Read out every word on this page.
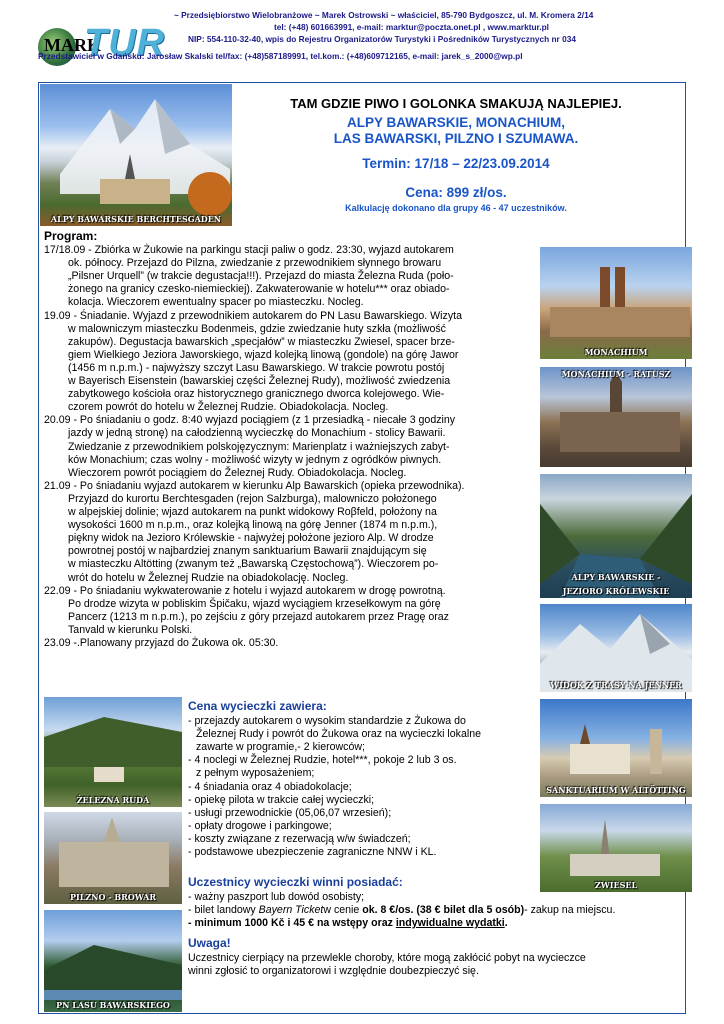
MARK
TUR
~ Przedsiębiorstwo Wielobranżowe ~ Marek Ostrowski ~ właściciel, 85-790 Bydgoszcz, ul. M. Kromera 2/14
tel: (+48) 601663991, e-mail: marktur@poczta.onet.pl , www.marktur.pl
NIP: 554-110-32-40, wpis do Rejestru Organizatorów Turystyki i Pośredników Turystycznych nr 034
Przedstawiciel w Gdańsku: Jarosław Skalski tel/fax: (+48)587189991, tel.kom.: (+48)609712165, e-mail: jarek_s_2000@wp.pl
ALPY BAWARSKIE BERCHTESGADEN
TAM GDZIE PIWO I GOLONKA SMAKUJĄ NAJLEPIEJ.
ALPY BAWARSKIE, MONACHIUM,
LAS BAWARSKI, PILZNO I SZUMAWA.
Termin: 17/18 – 22/23.09.2014
Cena: 899 zł/os.
Kalkulację dokonano dla grupy 46 - 47 uczestników.
Program:
17/18.09 - Zbiórka w Żukowie na parkingu stacji paliw o godz. 23:30, wyjazd autokarem
ok. północy. Przejazd do Pilzna, zwiedzanie z przewodnikiem słynnego browaru
„Pilsner Urquell” (w trakcie degustacja!!!). Przejazd do miasta Železna Ruda (poło-
żonego na granicy czesko-niemieckiej). Zakwaterowanie w hotelu*** oraz obiado-
kolacja. Wieczorem ewentualny spacer po miasteczku. Nocleg.
19.09 - Śniadanie. Wyjazd z przewodnikiem autokarem do PN Lasu Bawarskiego. Wizyta
w malowniczym miasteczku Bodenmeis, gdzie zwiedzanie huty szkła (możliwość
zakupów). Degustacja bawarskich „specjałów” w miasteczku Zwiesel, spacer brze-
giem Wielkiego Jeziora Jaworskiego, wjazd kolejką linową (gondole) na górę Jawor
(1456 m n.p.m.) - najwyższy szczyt Lasu Bawarskiego. W trakcie powrotu postój
w Bayerisch Eisenstein (bawarskiej części Železnej Rudy), możliwość zwiedzenia
zabytkowego kościoła oraz historycznego granicznego dworca kolejowego. Wie-
czorem powrót do hotelu w Železnej Rudzie. Obiadokolacja. Nocleg.
20.09 - Po śniadaniu o godz. 8:40 wyjazd pociągiem (z 1 przesiadką - niecałe 3 godziny
jazdy w jedną stronę) na całodzienną wycieczkę do Monachium - stolicy Bawarii.
Zwiedzanie z przewodnikiem polskojęzycznym: Marienplatz i ważniejszych zabyt-
ków Monachium; czas wolny - możliwość wizyty w jednym z ogródków piwnych.
Wieczorem powrót pociągiem do Železnej Rudy. Obiadokolacja. Nocleg.
21.09 - Po śniadaniu wyjazd autokarem w kierunku Alp Bawarskich (opieka przewodnika).
Przyjazd do kurortu Berchtesgaden (rejon Salzburga), malowniczo położonego
w alpejskiej dolinie; wjazd autokarem na punkt widokowy Roβfeld, położony na
wysokości 1600 m n.p.m., oraz kolejką linową na górę Jenner (1874 m n.p.m.),
piękny widok na Jezioro Królewskie - najwyżej położone jezioro Alp. W drodze
powrotnej postój w najbardziej znanym sanktuarium Bawarii znajdującym się
w miasteczku Altötting (zwanym też „Bawarską Częstochową”). Wieczorem po-
wrót do hotelu w Železnej Rudzie na obiadokolację. Nocleg.
22.09 - Po śniadaniu wykwaterowanie z hotelu i wyjazd autokarem w drogę powrotną.
Po drodze wizyta w pobliskim Špičaku, wjazd wyciągiem krzesełkowym na górę
Pancerz (1213 m n.p.m.), po zejściu z góry przejazd autokarem przez Pragę oraz
Tanvald w kierunku Polski.
23.09 -.Planowany przyjazd do Żukowa ok. 05:30.
MONACHIUM
MONACHIUM - RATUSZ
ALPY BAWARSKIE -
JEZIORO KRÓLEWSKIE
WIDOK Z TRASY NA JENNER
SANKTUARIUM W ALTÖTTING
ZWIESEL
ŻELEZNA RUDA
PILZNO - BROWAR
PN LASU BAWARSKIEGO
Cena wycieczki zawiera:
- przejazdy autokarem o wysokim standardzie z Żukowa do
Železnej Rudy i powrót do Żukowa oraz na wycieczki lokalne
zawarte w programie,- 2 kierowców;
- 4 noclegi w Železnej Rudzie, hotel***, pokoje 2 lub 3 os.
z pełnym wyposażeniem;
- 4 śniadania oraz 4 obiadokolacje;
- opiekę pilota w trakcie całej wycieczki;
- usługi przewodnickie (05,06,07 wrzesień);
- opłaty drogowe i parkingowe;
- koszty związane z rezerwacją w/w świadczeń;
- podstawowe ubezpieczenie zagraniczne NNW i KL.
Uczestnicy wycieczki winni posiadać:
- ważny paszport lub dowód osobisty;
- bilet landowy Bayern Ticketw cenie ok. 8 €/os. (38 € bilet dla 5 osób)- zakup na miejscu.
- minimum 1000 Kč i 45 € na wstępy oraz indywidualne wydatki.
Uwaga!
Uczestnicy cierpiący na przewlekle choroby, które mogą zakłócić pobyt na wycieczce
winni zgłosić to organizatorowi i względnie doubezpieczyć się.
